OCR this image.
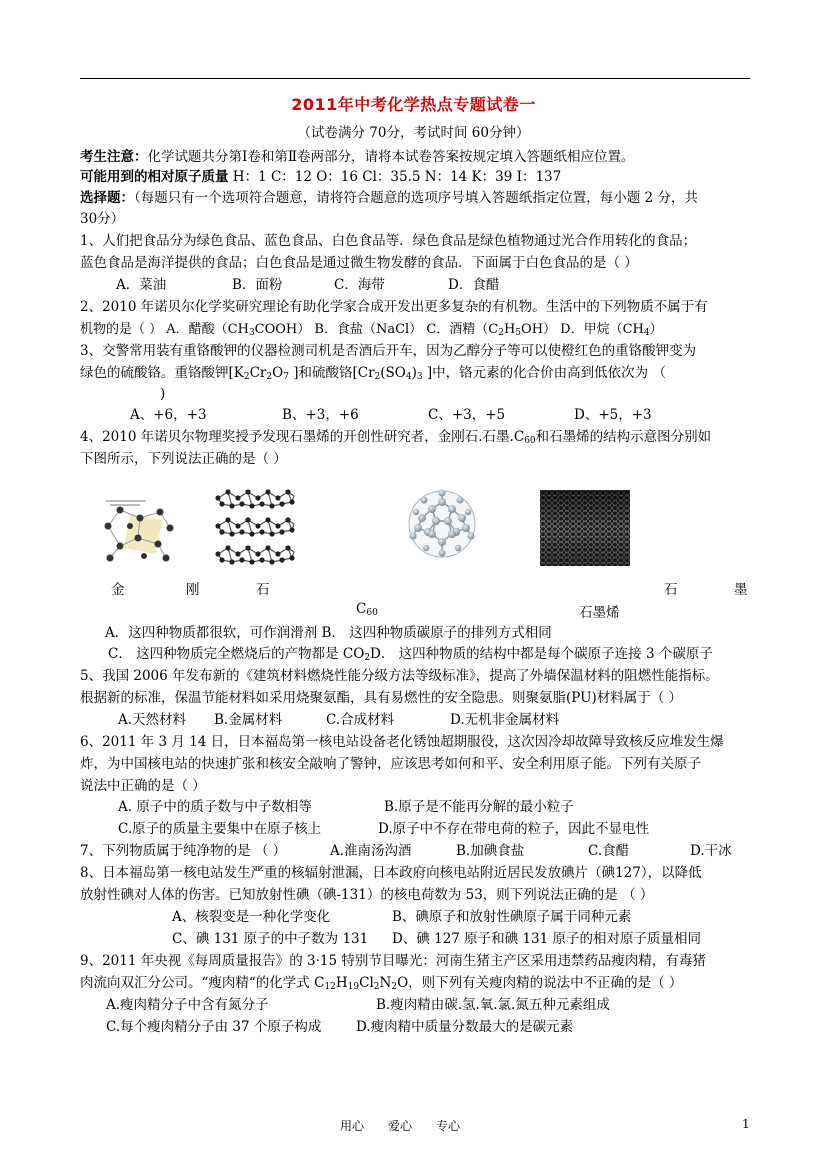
2011年中考化学热点专题试卷一
（试卷满分 70分，考试时间 60分钟）
考生注意：化学试题共分第Ⅰ卷和第Ⅱ卷两部分，请将本试卷答案按规定填入答题纸相应位置。
可能用到的相对原子质量 H：1 C：12 O：16 Cl：35.5 N：14 K：39 I：137
选择题：（每题只有一个选项符合题意，请将符合题意的选项序号填入答题纸指定位置，每小题 2 分，共
30分）
1、人们把食品分为绿色食品、蓝色食品、白色食品等．绿色食品是绿色植物通过光合作用转化的食品；
蓝色食品是海洋提供的食品；白色食品是通过微生物发酵的食品．下面属于白色食品的是（ ）
A．菜油	B．面粉	C．海带	D．食醋
2、2010 年诺贝尔化学奖研究理论有助化学家合成开发出更多复杂的有机物。生活中的下列物质不属于有
机物的是（ ） A．醋酸$(CH_3COOH)$ B．食盐（NaCl） C．酒精$(C_2H_5OH)$ D．甲烷$(CH_4)$
3、交警常用装有重铬酸钾的仪器检测司机是否酒后开车，因为乙醇分子等可以使橙红色的重铬酸钾变为
绿色的硫酸铬。重铬酸钾[$K_2Cr_2O_7$ ]和硫酸铬[$Cr_2(SO_4)_3$ ]中，铬元素的化合价由高到低依次为 （
)
A、+6，+3	B、+3，+6	C、+3，+5	D、+5，+3
4、2010 年诺贝尔物理奖授予发现石墨烯的开创性研究者，金刚石.石墨$.C_{60}$和石墨烯的结构示意图分别如
下图所示，下列说法正确的是（ ）
金	刚	石	石	墨
$C_{60}$	石墨烯
A．这四种物质都很软，可作润滑剂 B． 这四种物质碳原子的排列方式相同
C． 这四种物质完全燃烧后的产物都是 $CO_2D$． 这四种物质的结构中都是每个碳原子连接 3 个碳原子
5、我国 2006 年发布新的《建筑材料燃烧性能分级方法等级标准》，提高了外墙保温材料的阻燃性能指标。
根据新的标准，保温节能材料如采用烧聚氨酯，具有易燃性的安全隐患。则聚氨脂(PU)材料属于（ ）
A.天然材料 B.金属材料	C.合成材料	D.无机非金属材料
6、2011 年 3 月 14 日，日本福岛第一核电站设备老化锈蚀超期服役，这次因冷却故障导致核反应堆发生爆
炸，为中国核电站的快速扩张和核安全敲响了警钟，应该思考如何和平、安全利用原子能。下列有关原子
说法中正确的是（ ）
A. 原子中的质子数与中子数相等	B.原子是不能再分解的最小粒子
C.原子的质量主要集中在原子核上	D.原子中不存在带电荷的粒子，因此不显电性
7、下列物质属于纯净物的是 （ ）	A.淮南汤沟酒	B.加碘食盐	C.食醋	D.干冰
8、日本福岛第一核电站发生严重的核辐射泄漏，日本政府向核电站附近居民发放碘片（碘127），以降低
放射性碘对人体的伤害。已知放射性碘（碘-131）的核电荷数为 53，则下列说法正确的是 （ ）
A、核裂变是一种化学变化	B、碘原子和放射性碘原子属于同种元素
C、碘 131 原子的中子数为 131 D、碘 127 原子和碘 131 原子的相对原子质量相同
9、2011 年央视《每周质量报告》的 3·15 特别节目曝光：河南生猪主产区采用违禁药品瘦肉精，有毒猪
肉流向双汇分公司。“瘦肉精“的化学式 $C_{12}H_{19}Cl_2N_2O$，则下列有关瘦肉精的说法中不正确的是（ ）
A.瘦肉精分子中含有氮分子	B.瘦肉精由碳.氢.氧.氯.氮五种元素组成
C.每个瘦肉精分子由 37 个原子构成	D.瘦肉精中质量分数最大的是碳元素
用心 爱心 专心	1
